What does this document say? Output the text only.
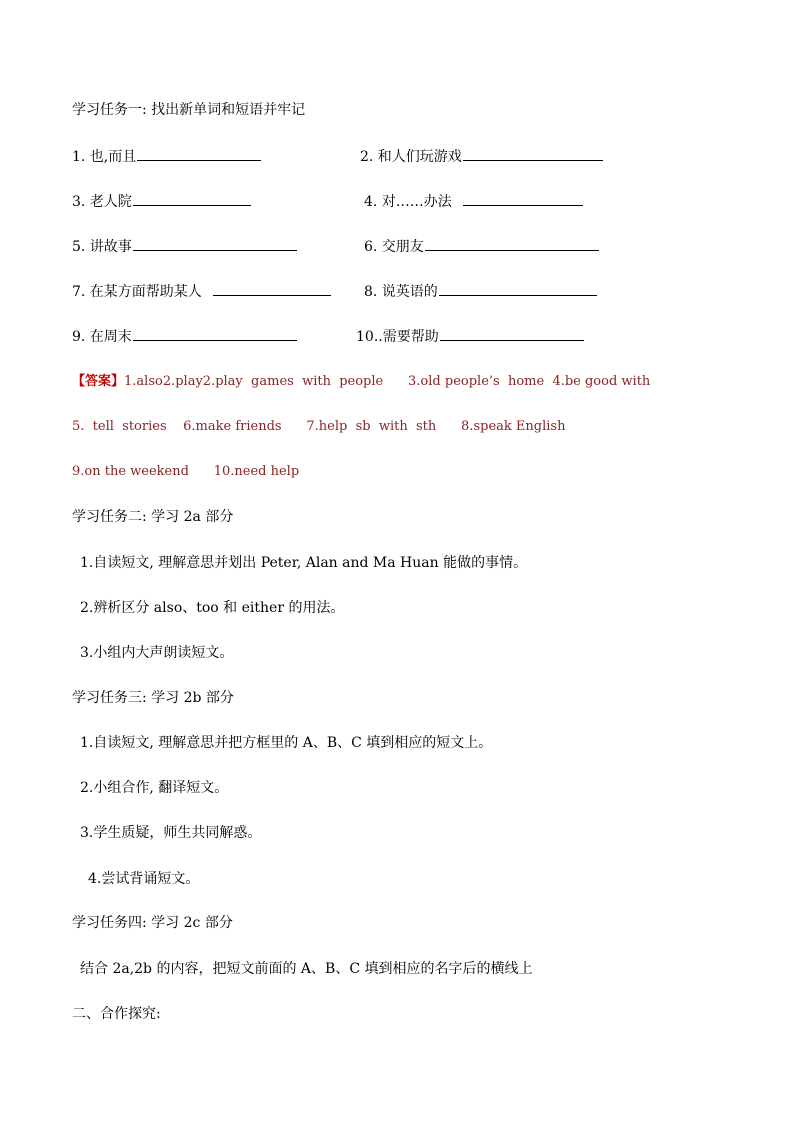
学习任务一: 找出新单词和短语并牢记
1. 也,而且	2. 和人们玩游戏
3. 老人院	4. 对……办法
5. 讲故事	6. 交朋友
7. 在某方面帮助某人	8. 说英语的
9. 在周末	10..需要帮助
【答案】1.also2.play2.play  games  with  people      3.old people’s  home  4.be good with
5.  tell  stories    6.make friends      7.help  sb  with  sth      8.speak English
9.on the weekend      10.need help
学习任务二: 学习 2a 部分
1.自读短文, 理解意思并划出 Peter, Alan and Ma Huan 能做的事情。
2.辨析区分 also、too 和 either 的用法。
3.小组内大声朗读短文。
学习任务三: 学习 2b 部分
1.自读短文, 理解意思并把方框里的 A、B、C 填到相应的短文上。
2.小组合作, 翻译短文。
3.学生质疑，师生共同解惑。
4.尝试背诵短文。
学习任务四: 学习 2c 部分
结合 2a,2b 的内容，把短文前面的 A、B、C 填到相应的名字后的横线上
二、合作探究:
